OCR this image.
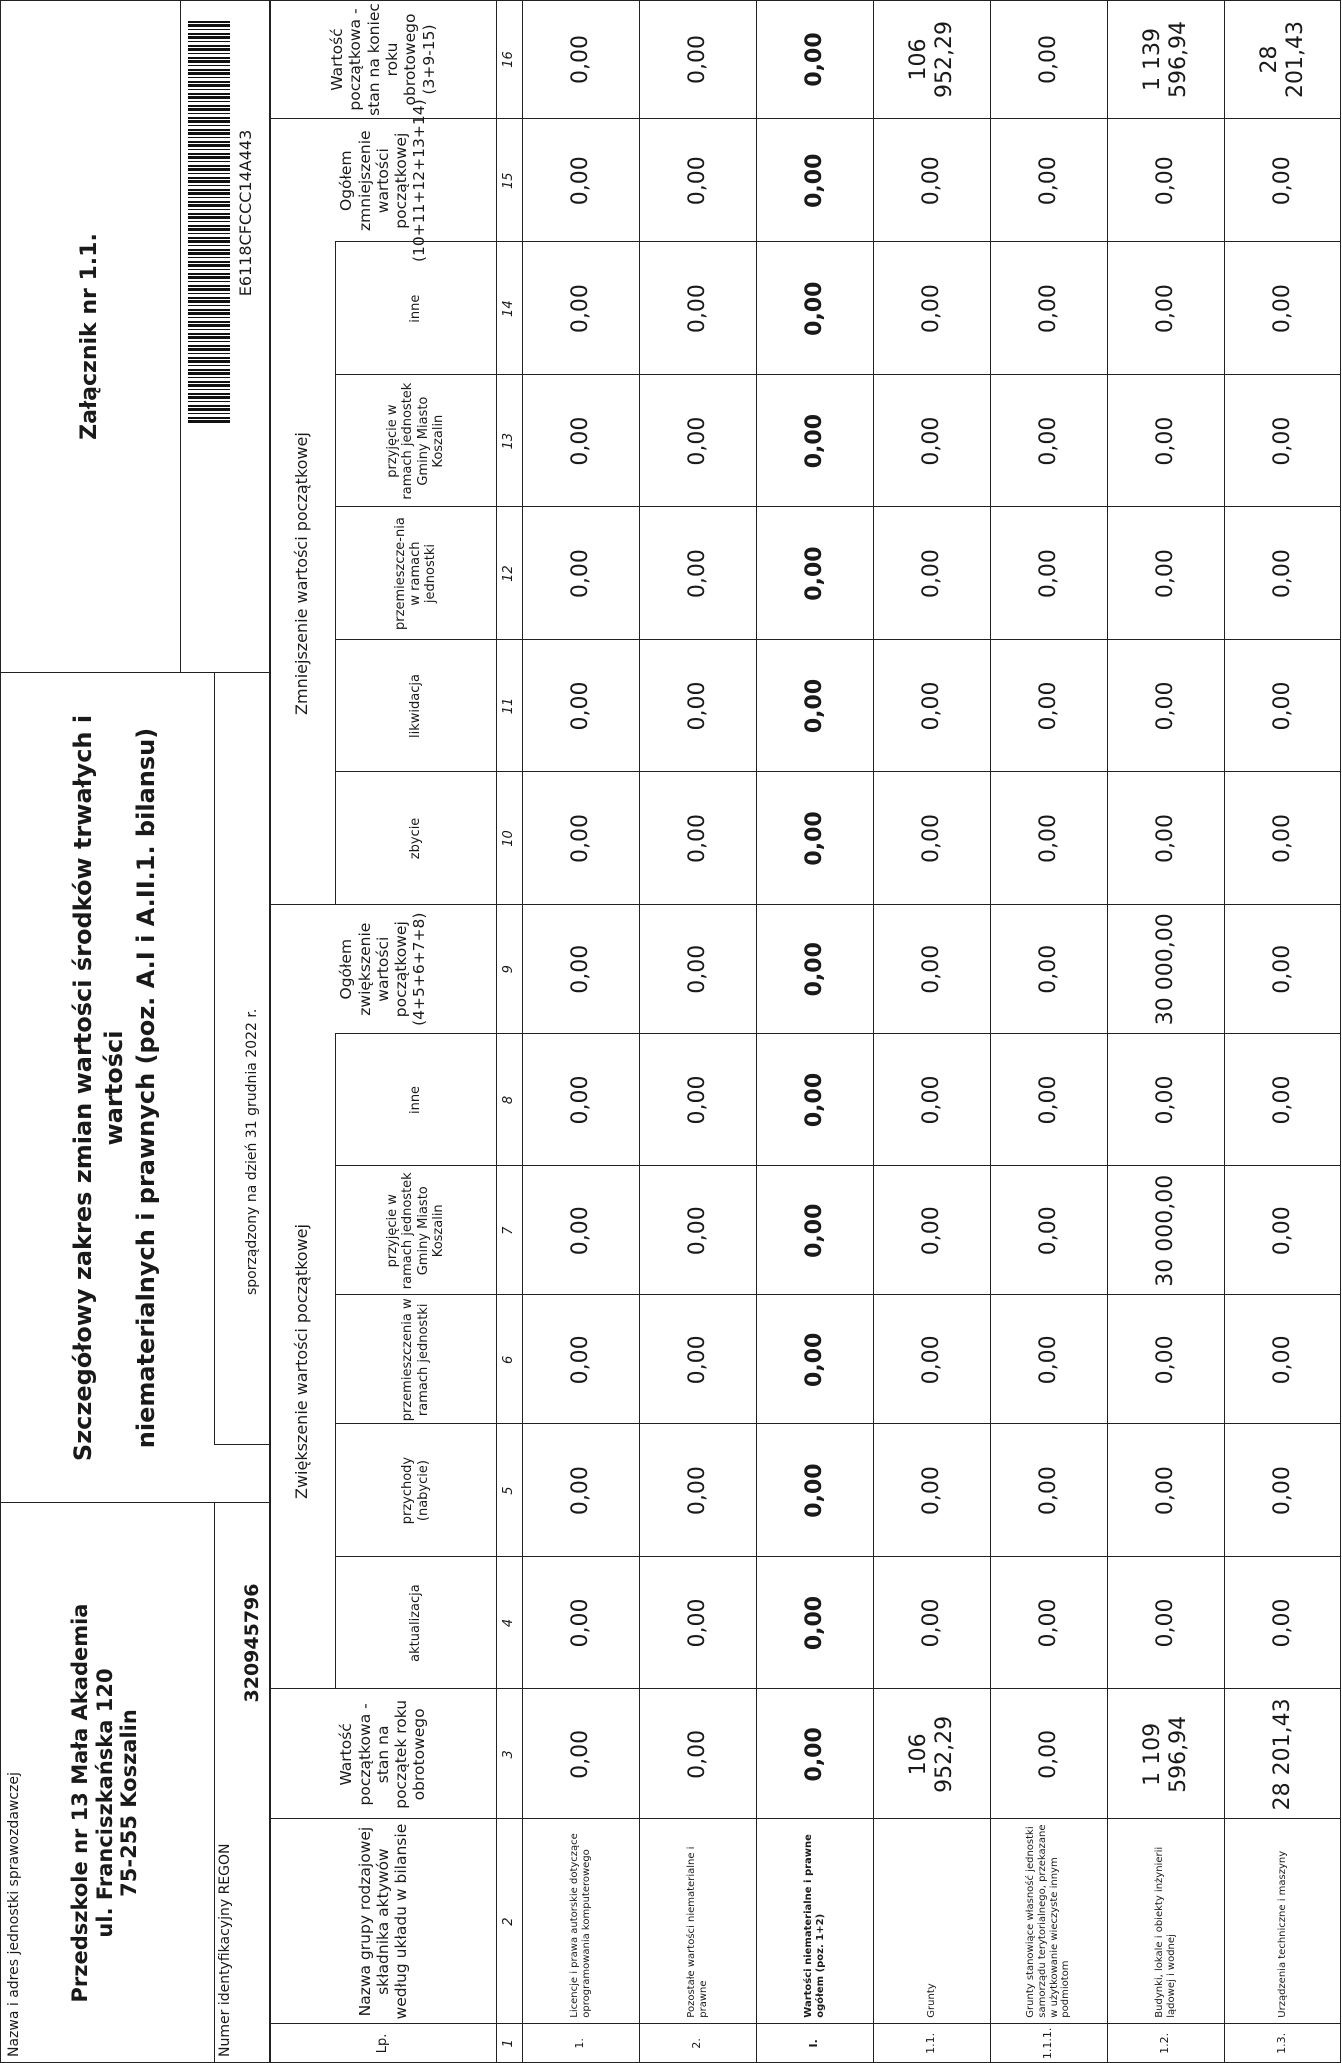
Nazwa i adres jednostki sprawozdawczej Przedszkole nr 13 Mała Akademia ul. Franciszkańska 120 75-255 Koszalin
Numer identyfikacyjny REGON
320945796
Szczegółowy zakres zmian wartości środków trwałych i wartości niematerialnych i prawnych (poz. A.I i A.II.1. bilansu)	sporządzony na dzień

31 grudnia 2022

r.
Załącznik nr 1.1.
E6118CFCCC14A443
Zwiększenie wartości początkowej
Zmniejszenie wartości początkowej
Lp.
Nazwa grupy rodzajowej składnika aktywów według układu w bilansie
Wartość początkowa - stan na początek roku obrotowego
aktualizacja
przychody (nabycie)
przemieszczenia w ramach jednostki
przyjęcie w ramach jednostek Gminy Miasto Koszalin
inne
Ogółem zwiększenie wartości początkowej (4+5+6+7+8)
zbycie
likwidacja
przemieszcze-nia w ramach jednostki
przyjęcie w ramach jednostek Gminy Miasto Koszalin
inne
Ogółem zmniejszenie wartości początkowej (10+11+12+13+14)
Wartość początkowa - stan na koniec roku obrotowego (3+9-15)
1
2
3
4
5
6
7
8
9
10
11
12
13
14
15
16
1.
Licencje i prawa autorskie dotyczące oprogramowania komputerowego
0,00
0,00
0,00
0,00
0,00
0,00
0,00
0,00
0,00
0,00
0,00
0,00
0,00
0,00
2.
Pozostałe wartości niematerialne i prawne
0,00
0,00
0,00
0,00
0,00
0,00
0,00
0,00
0,00
0,00
0,00
0,00
0,00
0,00
I.
Wartości niematerialne i prawne ogółem (poz. 1+2)
0,00
0,00
0,00
0,00
0,00
0,00
0,00
0,00
0,00
0,00
0,00
0,00
0,00
0,00
1.1.
Grunty
106 952,29
0,00
0,00
0,00
0,00
0,00
0,00
0,00
0,00
0,00
0,00
0,00
0,00
106 952,29
1.1.1.
Grunty stanowiące własność jednostki samorządu terytorialnego, przekazane w użytkowanie wieczyste innym podmiotom
0,00
0,00
0,00
0,00
0,00
0,00
0,00
0,00
0,00
0,00
0,00
0,00
0,00
0,00
1.2.
Budynki, lokale i obiekty inżynierii lądowej i wodnej
1 109 596,94
0,00
0,00
0,00
30 000,00
0,00
30 000,00
0,00
0,00
0,00
0,00
0,00
0,00
1 139 596,94
1.3.
Urządzenia techniczne i maszyny
28 201,43
0,00
0,00
0,00
0,00
0,00
0,00
0,00
0,00
0,00
0,00
0,00
0,00
28 201,43
